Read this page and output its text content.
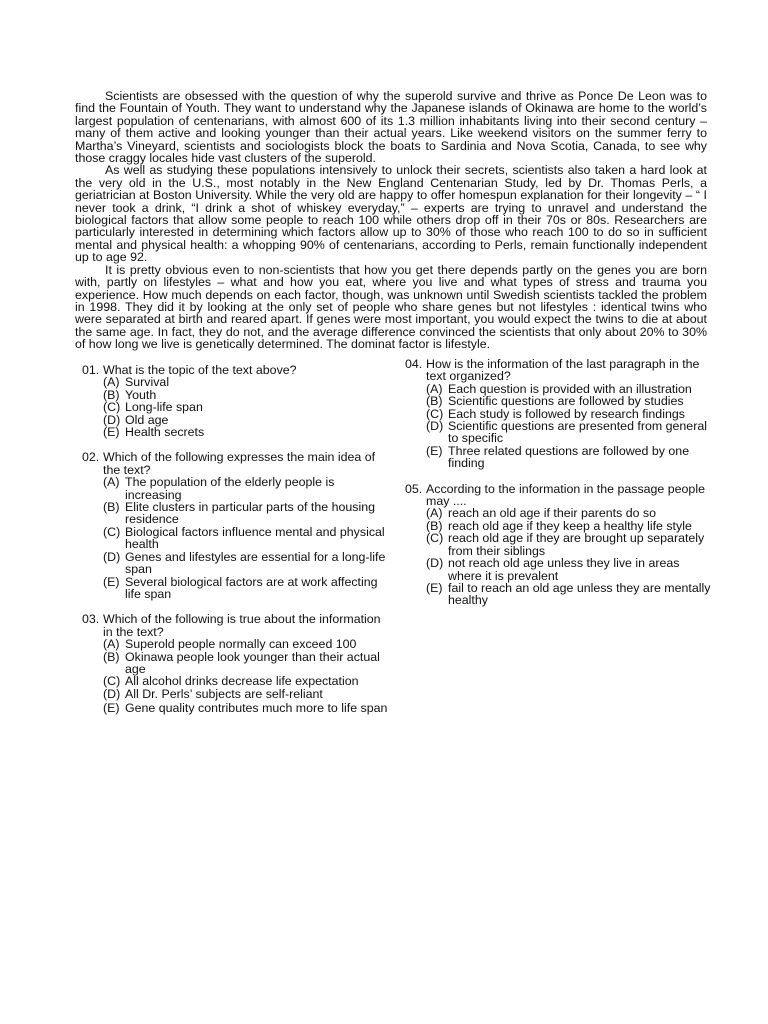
Scientists are obsessed with the question of why the superold survive and thrive as Ponce De Leon was to find the Fountain of Youth. They want to understand why the Japanese islands of Okinawa are home to the world’s largest population of centenarians, with almost 600 of its 1.3 million inhabitants living into their second century – many of them active and looking younger than their actual years. Like weekend visitors on the summer ferry to Martha’s Vineyard, scientists and sociologists block the boats to Sardinia and Nova Scotia, Canada, to see why those craggy locales hide vast clusters of the superold.

As well as studying these populations intensively to unlock their secrets, scientists also taken a hard look at the very old in the U.S., most notably in the New England Centenarian Study, led by Dr. Thomas Perls, a geriatrician at Boston University. While the very old are happy to offer homespun explanation for their longevity – “ I never took a drink, “I drink a shot of whiskey everyday,” – experts are trying to unravel and understand the biological factors that allow some people to reach 100 while others drop off in their 70s or 80s. Researchers are particularly interested in determining which factors allow up to 30% of those who reach 100 to do so in sufficient mental and physical health: a whopping 90% of centenarians, according to Perls, remain functionally independent up to age 92.

It is pretty obvious even to non-scientists that how you get there depends partly on the genes you are born with, partly on lifestyles – what and how you eat, where you live and what types of stress and trauma you experience. How much depends on each factor, though, was unknown until Swedish scientists tackled the problem in 1998. They did it by looking at the only set of people who share genes but not lifestyles : identical twins who were separated at birth and reared apart. If genes were most important, you would expect the twins to die at about the same age. In fact, they do not, and the average difference convinced the scientists that only about 20% to 30% of how long we live is genetically determined. The dominat factor is lifestyle.

01. What is the topic of the text above?
(A) Survival
(B) Youth
(C) Long-life span
(D) Old age
(E) Health secrets
02. Which of the following expresses the main idea of the text?
(A) The population of the elderly people is increasing
(B) Elite clusters in particular parts of the housing residence
(C) Biological factors influence mental and physical health
(D) Genes and lifestyles are essential for a long-life span
(E) Several biological factors are at work affecting life span
03. Which of the following is true about the information in the text?
(A) Superold people normally can exceed 100
(B) Okinawa people look younger than their actual age
(C) All alcohol drinks decrease life expectation
(D) All Dr. Perls’ subjects are self-reliant
(E) Gene quality contributes much more to life span
04. How is the information of the last paragraph in the text organized?
(A) Each question is provided with an illustration
(B) Scientific questions are followed by studies
(C) Each study is followed by research findings
(D) Scientific questions are presented from general to specific
(E) Three related questions are followed by one finding
05. According to the information in the passage people may ....
(A) reach an old age if their parents do so
(B) reach old age if they keep a healthy life style
(C) reach old age if they are brought up separately from their siblings
(D) not reach old age unless they live in areas where it is prevalent
(E) fail to reach an old age unless they are mentally healthy
